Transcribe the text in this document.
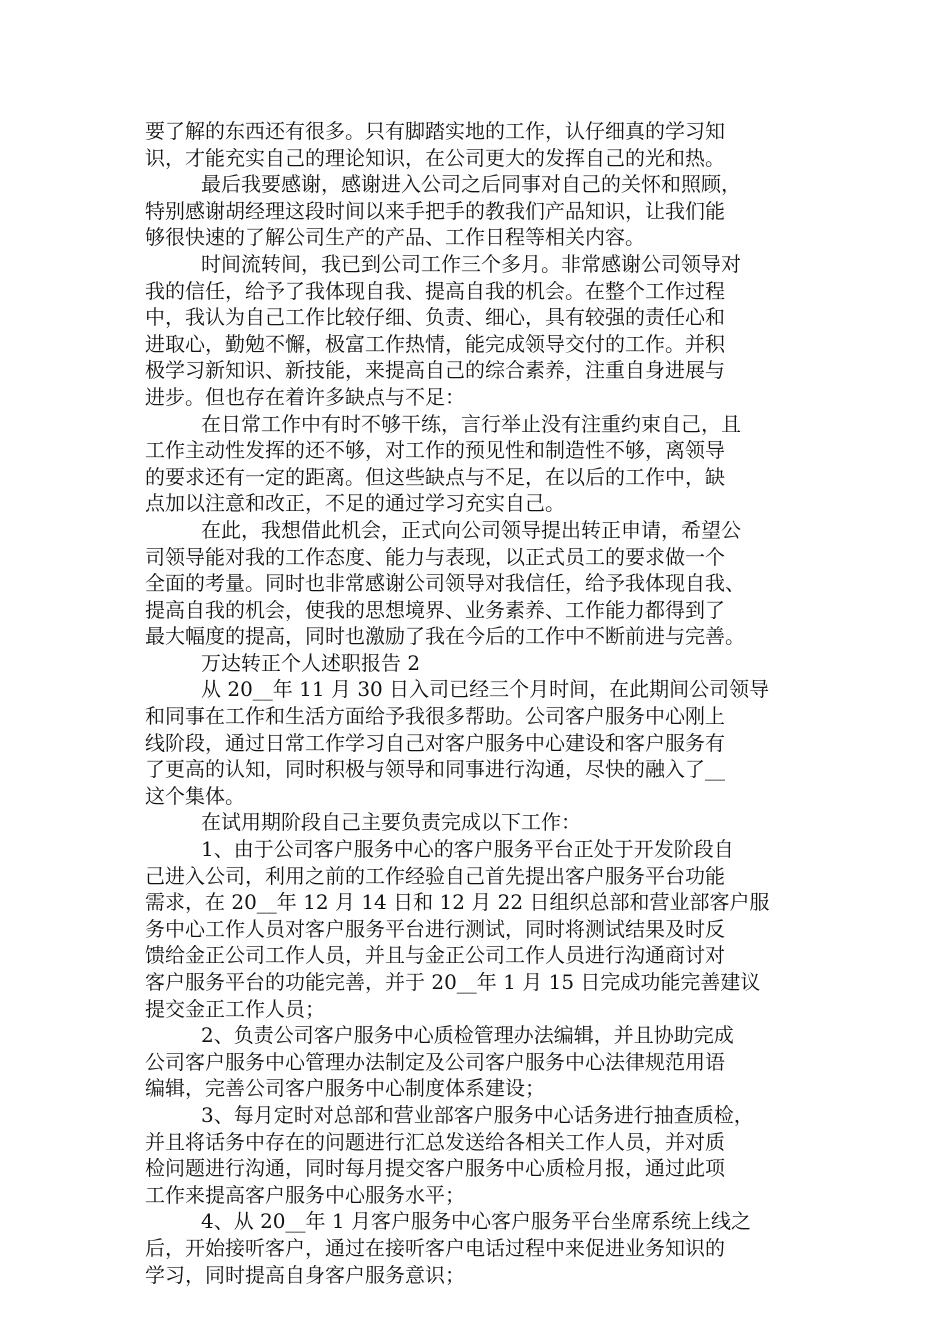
要了解的东西还有很多。只有脚踏实地的工作，认仔细真的学习知
识，才能充实自己的理论知识，在公司更大的发挥自己的光和热。
最后我要感谢，感谢进入公司之后同事对自己的关怀和照顾，
特别感谢胡经理这段时间以来手把手的教我们产品知识，让我们能
够很快速的了解公司生产的产品、工作日程等相关内容。
时间流转间，我已到公司工作三个多月。非常感谢公司领导对
我的信任，给予了我体现自我、提高自我的机会。在整个工作过程
中，我认为自己工作比较仔细、负责、细心，具有较强的责任心和
进取心，勤勉不懈，极富工作热情，能完成领导交付的工作。并积
极学习新知识、新技能，来提高自己的综合素养，注重自身进展与
进步。但也存在着许多缺点与不足：
在日常工作中有时不够干练，言行举止没有注重约束自己，且
工作主动性发挥的还不够，对工作的预见性和制造性不够，离领导
的要求还有一定的距离。但这些缺点与不足，在以后的工作中，缺
点加以注意和改正，不足的通过学习充实自己。
在此，我想借此机会，正式向公司领导提出转正申请，希望公
司领导能对我的工作态度、能力与表现，以正式员工的要求做一个
全面的考量。同时也非常感谢公司领导对我信任，给予我体现自我、
提高自我的机会，使我的思想境界、业务素养、工作能力都得到了
最大幅度的提高，同时也激励了我在今后的工作中不断前进与完善。
万达转正个人述职报告 2
从 20__年 11 月 30 日入司已经三个月时间，在此期间公司领导
和同事在工作和生活方面给予我很多帮助。公司客户服务中心刚上
线阶段，通过日常工作学习自己对客户服务中心建设和客户服务有
了更高的认知，同时积极与领导和同事进行沟通，尽快的融入了__
这个集体。
在试用期阶段自己主要负责完成以下工作：
1、由于公司客户服务中心的客户服务平台正处于开发阶段自
己进入公司，利用之前的工作经验自己首先提出客户服务平台功能
需求，在 20__年 12 月 14 日和 12 月 22 日组织总部和营业部客户服
务中心工作人员对客户服务平台进行测试，同时将测试结果及时反
馈给金正公司工作人员，并且与金正公司工作人员进行沟通商讨对
客户服务平台的功能完善，并于 20__年 1 月 15 日完成功能完善建议
提交金正工作人员；
2、负责公司客户服务中心质检管理办法编辑，并且协助完成
公司客户服务中心管理办法制定及公司客户服务中心法律规范用语
编辑，完善公司客户服务中心制度体系建设；
3、每月定时对总部和营业部客户服务中心话务进行抽查质检，
并且将话务中存在的问题进行汇总发送给各相关工作人员，并对质
检问题进行沟通，同时每月提交客户服务中心质检月报，通过此项
工作来提高客户服务中心服务水平；
4、从 20__年 1 月客户服务中心客户服务平台坐席系统上线之
后，开始接听客户，通过在接听客户电话过程中来促进业务知识的
学习，同时提高自身客户服务意识；
